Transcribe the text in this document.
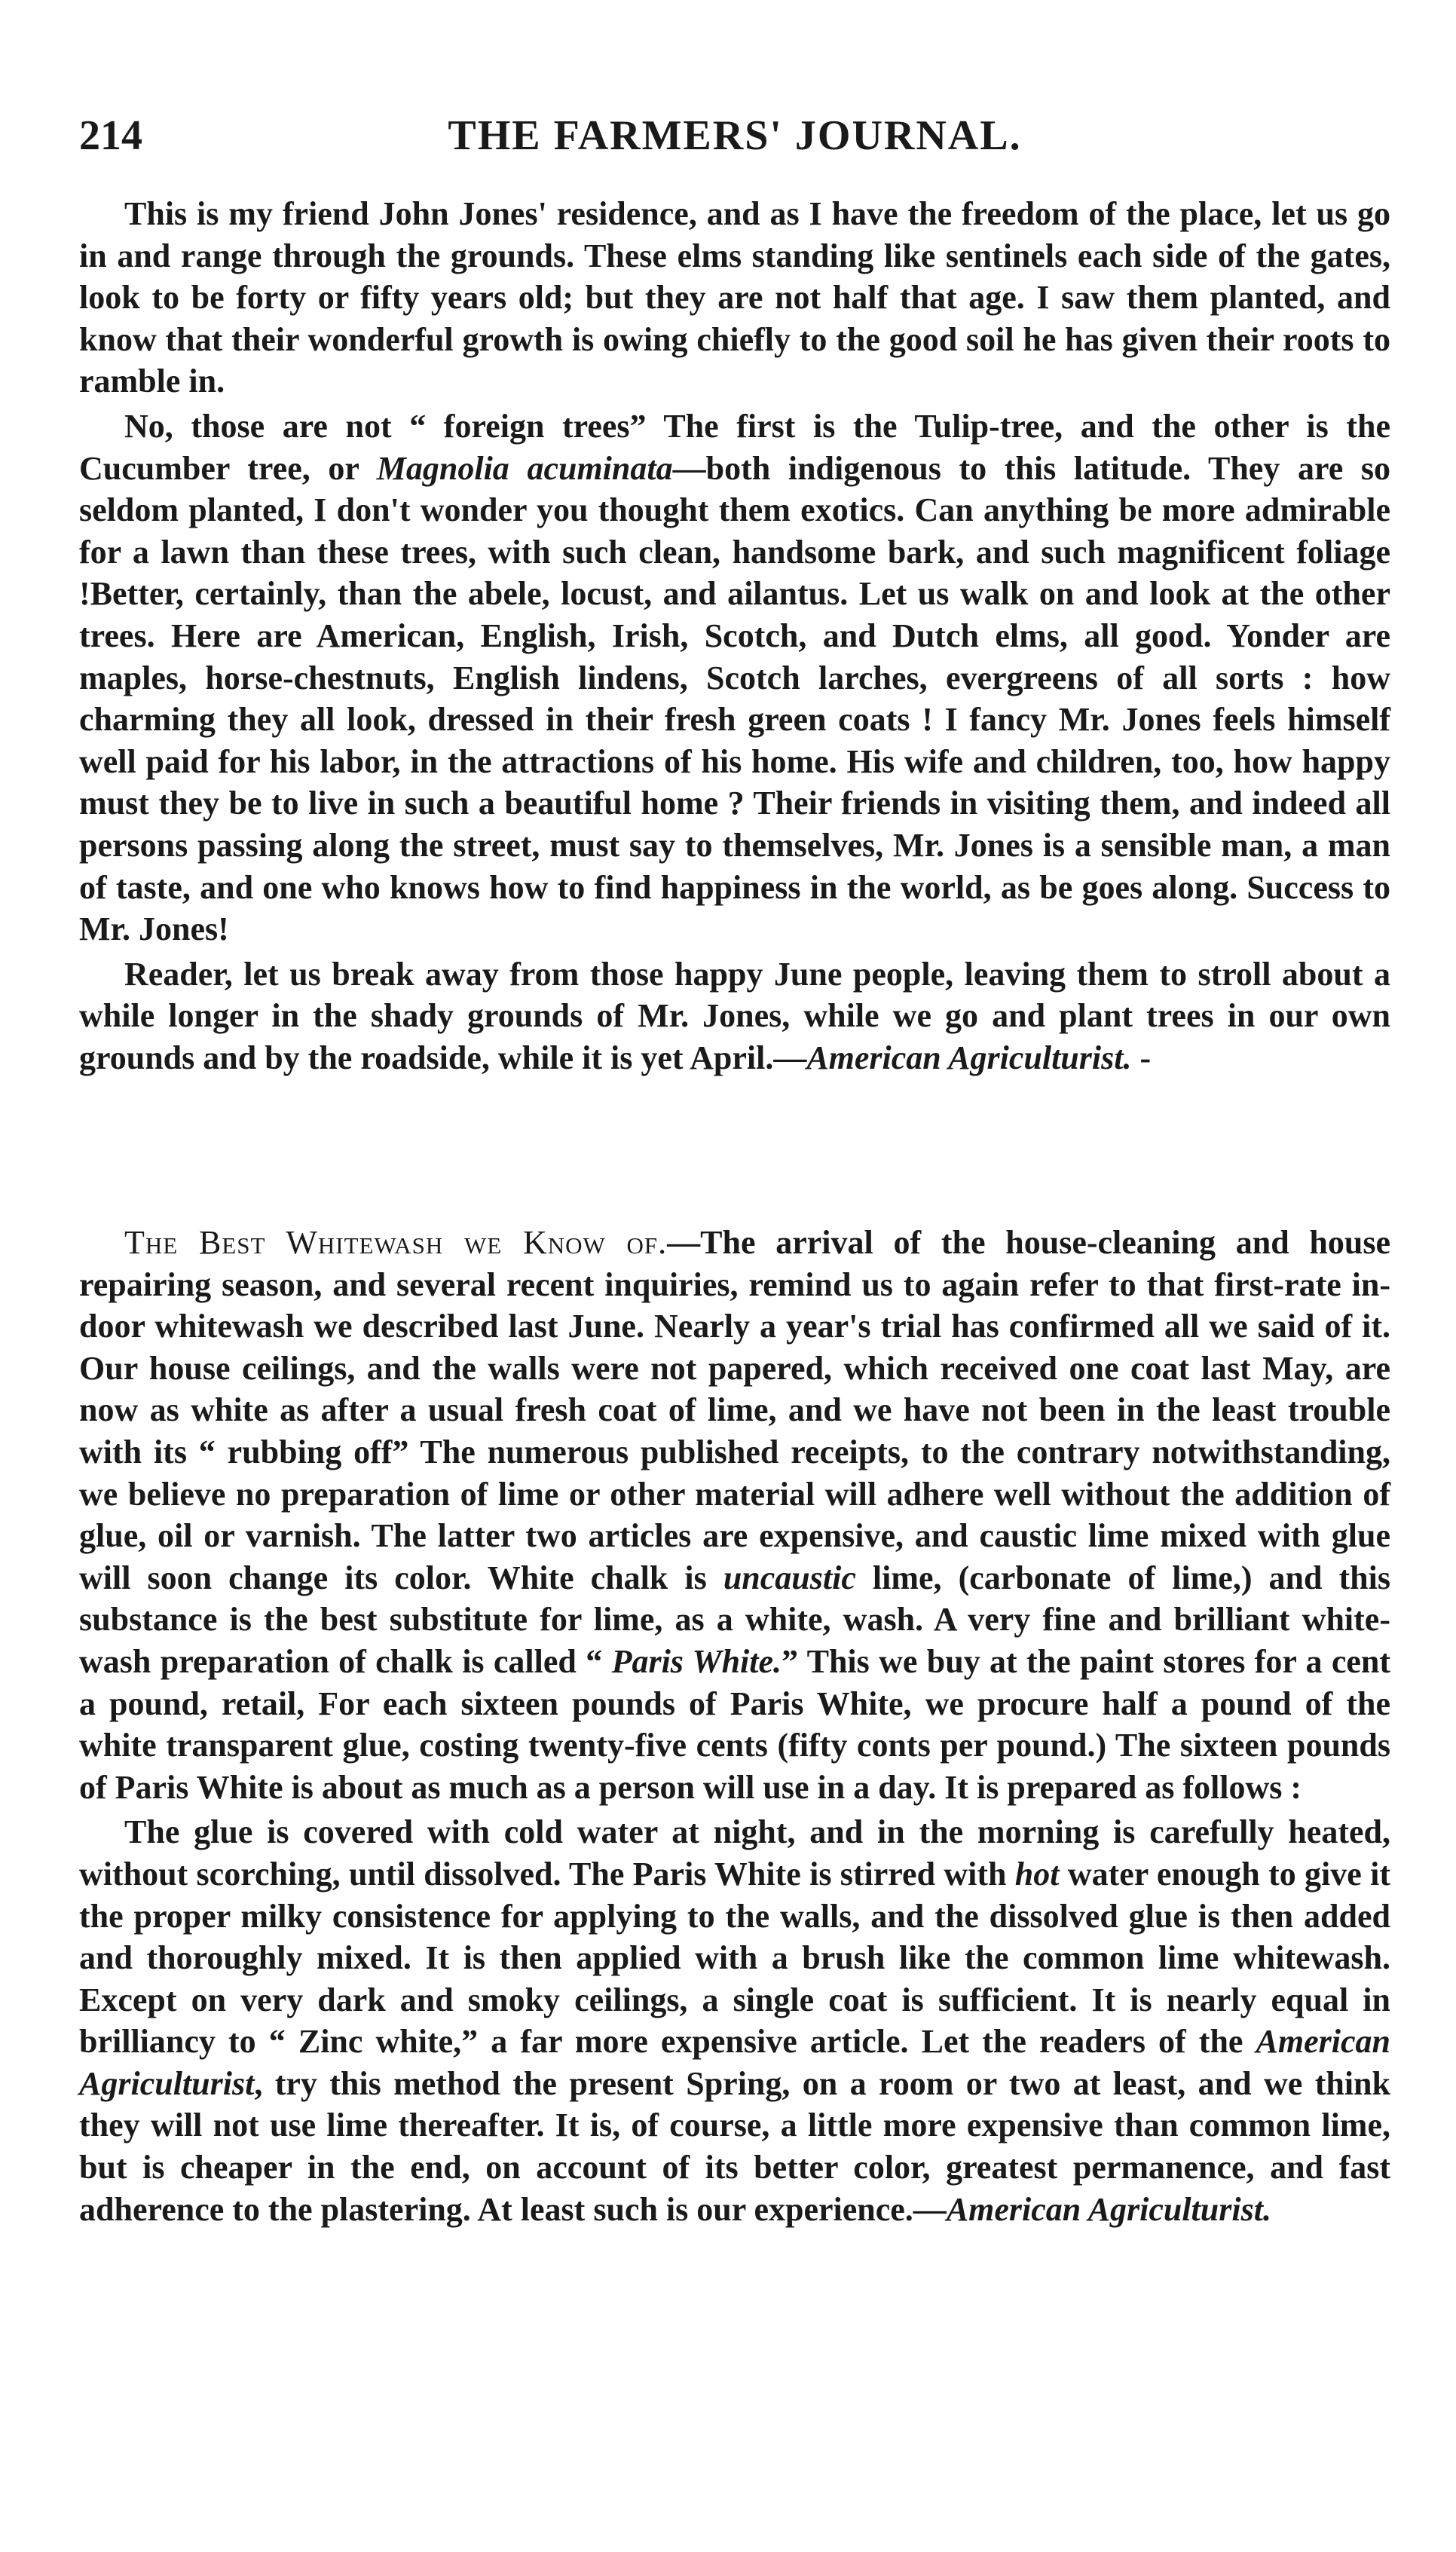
214	THE FARMERS' JOURNAL.

This is my friend John Jones' residence, and as I have the freedom of the place, let us go in and range through the grounds. These elms standing like sentinels each side of the gates, look to be forty or fifty years old; but they are not half that age. I saw them planted, and know that their wonderful growth is owing chiefly to the good soil he has given their roots to ramble in.

No, those are not “ foreign trees” The first is the Tulip-tree, and the other is the Cucumber tree, or Magnolia acuminata—both indigenous to this latitude. They are so seldom planted, I don't wonder you thought them exotics. Can anything be more admirable for a lawn than these trees, with such clean, handsome bark, and such magnificent foliage !Better, certainly, than the abele, locust, and ailantus. Let us walk on and look at the other trees. Here are American, English, Irish, Scotch, and Dutch elms, all good. Yonder are maples, horse-chestnuts, English lindens, Scotch larches, evergreens of all sorts : how charming they all look, dressed in their fresh green coats ! I fancy Mr. Jones feels himself well paid for his labor, in the attractions of his home. His wife and children, too, how happy must they be to live in such a beautiful home ? Their friends in visiting them, and indeed all persons passing along the street, must say to themselves, Mr. Jones is a sensible man, a man of taste, and one who knows how to find happiness in the world, as be goes along. Success to Mr. Jones!

Reader, let us break away from those happy June people, leaving them to stroll about a while longer in the shady grounds of Mr. Jones, while we go and plant trees in our own grounds and by the roadside, while it is yet April.—American Agriculturist. -

The Best Whitewash we Know of.—The arrival of the house-cleaning and house repairing season, and several recent inquiries, remind us to again refer to that first-rate in-door whitewash we described last June. Nearly a year's trial has confirmed all we said of it. Our house ceilings, and the walls were not papered, which received one coat last May, are now as white as after a usual fresh coat of lime, and we have not been in the least trouble with its “ rubbing off” The numerous published receipts, to the contrary notwithstanding, we believe no preparation of lime or other material will adhere well without the addition of glue, oil or varnish. The latter two articles are expensive, and caustic lime mixed with glue will soon change its color. White chalk is uncaustic lime, (carbonate of lime,) and this substance is the best substitute for lime, as a white, wash. A very fine and brilliant white-wash preparation of chalk is called “ Paris White.” This we buy at the paint stores for a cent a pound, retail, For each sixteen pounds of Paris White, we procure half a pound of the white transparent glue, costing twenty-five cents (fifty conts per pound.) The sixteen pounds of Paris White is about as much as a person will use in a day. It is prepared as follows :

The glue is covered with cold water at night, and in the morning is carefully heated, without scorching, until dissolved. The Paris White is stirred with hot water enough to give it the proper milky consistence for applying to the walls, and the dissolved glue is then added and thoroughly mixed. It is then applied with a brush like the common lime whitewash. Except on very dark and smoky ceilings, a single coat is sufficient. It is nearly equal in brilliancy to “ Zinc white,” a far more expensive article. Let the readers of the American Agriculturist, try this method the present Spring, on a room or two at least, and we think they will not use lime thereafter. It is, of course, a little more expensive than common lime, but is cheaper in the end, on account of its better color, greatest permanence, and fast adherence to the plastering. At least such is our experience.—American Agriculturist.
